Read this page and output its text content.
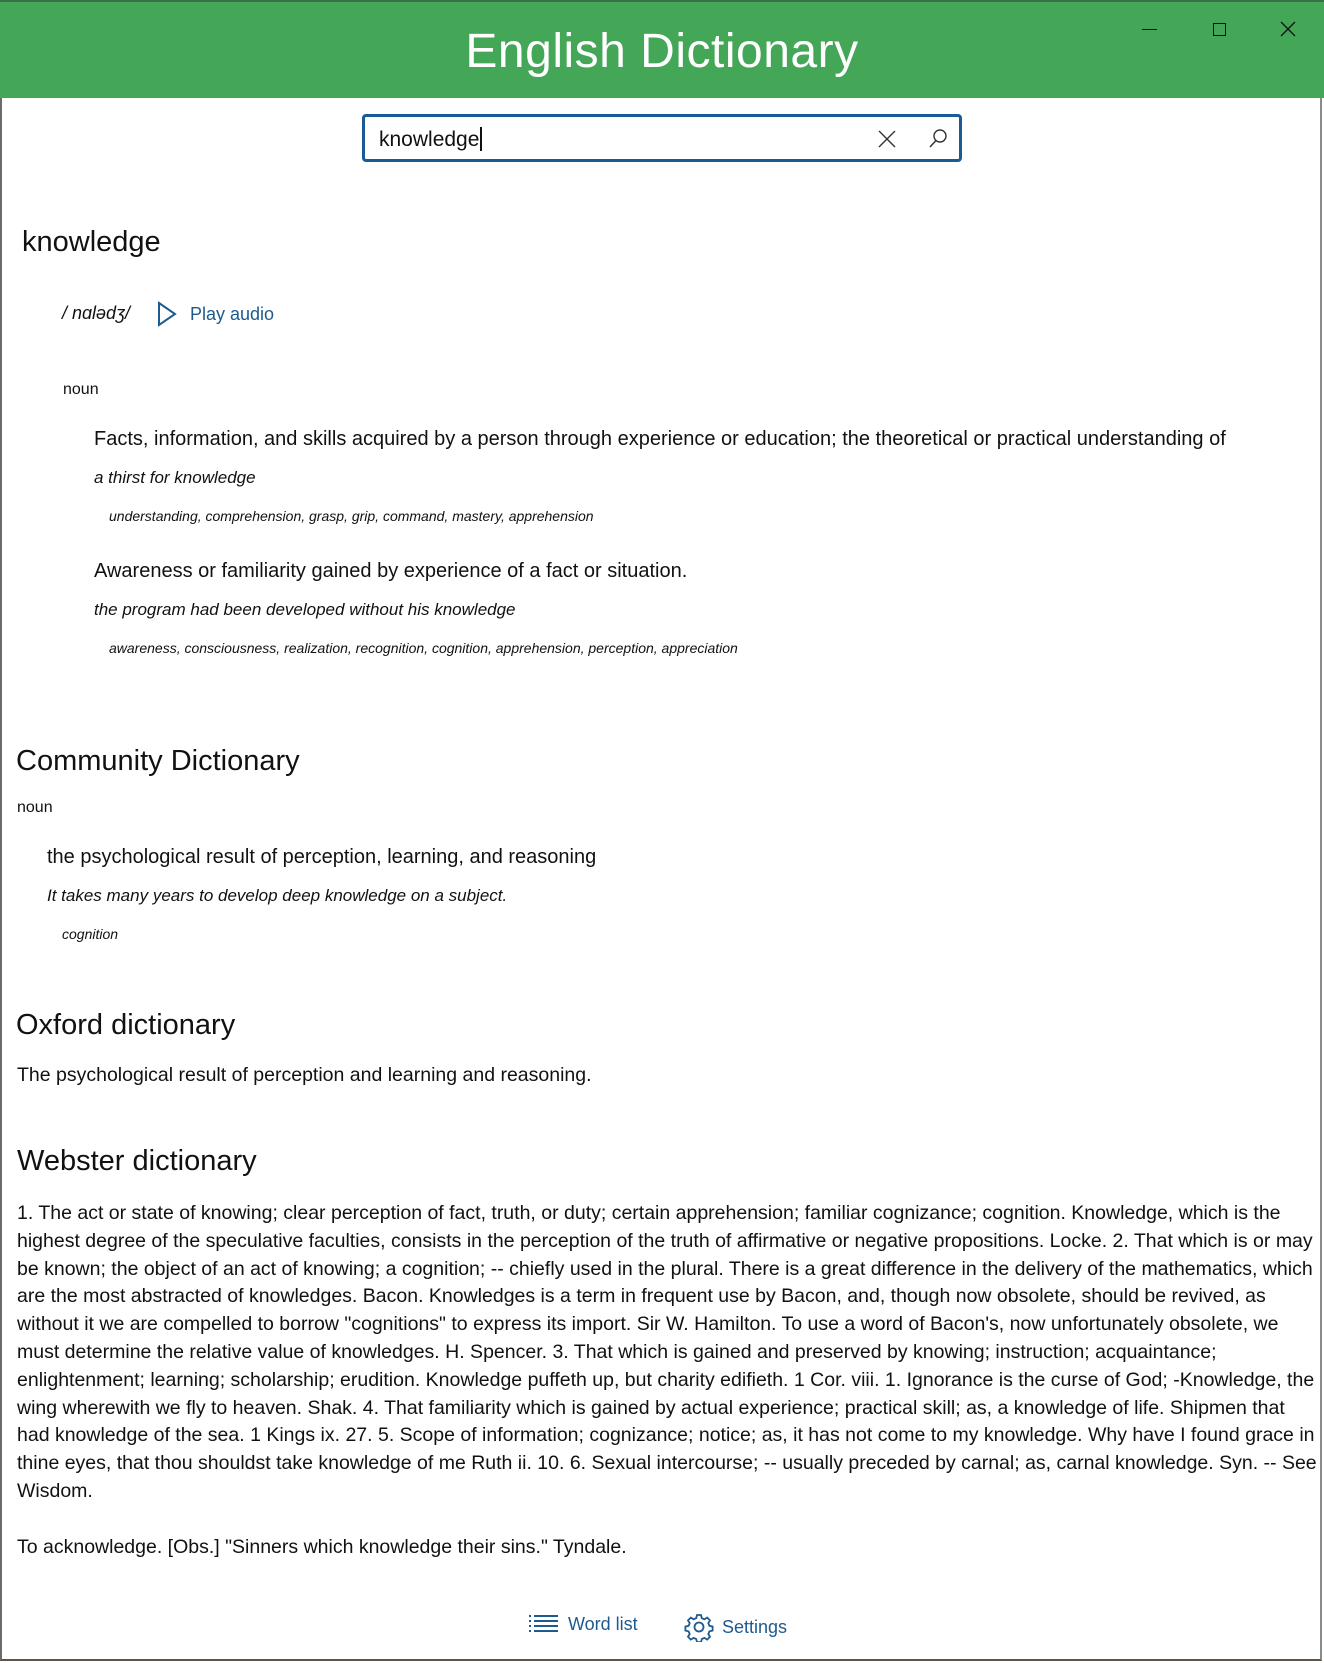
English Dictionary
knowledge
knowledge
/ nɑlədʒ/	Play audio
noun
Facts, information, and skills acquired by a person through experience or education; the theoretical or practical understanding of
a thirst for knowledge
understanding, comprehension, grasp, grip, command, mastery, apprehension
Awareness or familiarity gained by experience of a fact or situation.
the program had been developed without his knowledge
awareness, consciousness, realization, recognition, cognition, apprehension, perception, appreciation
Community Dictionary
noun
the psychological result of perception, learning, and reasoning
It takes many years to develop deep knowledge on a subject.
cognition
Oxford dictionary
The psychological result of perception and learning and reasoning.
Webster dictionary

1. The act or state of knowing; clear perception of fact, truth, or duty; certain apprehension; familiar cognizance; cognition. Knowledge, which is the highest degree of the speculative faculties, consists in the perception of the truth of affirmative or negative propositions. Locke. 2. That which is or may be known; the object of an act of knowing; a cognition; -- chiefly used in the plural. There is a great difference in the delivery of the mathematics, which are the most abstracted of knowledges. Bacon. Knowledges is a term in frequent use by Bacon, and, though now obsolete, should be revived, as without it we are compelled to borrow "cognitions" to express its import. Sir W. Hamilton. To use a word of Bacon's, now unfortunately obsolete, we must determine the relative value of knowledges. H. Spencer. 3. That which is gained and preserved by knowing; instruction; acquaintance; enlightenment; learning; scholarship; erudition. Knowledge puffeth up, but charity edifieth. 1 Cor. viii. 1. Ignorance is the curse of God; -Knowledge, the wing wherewith we fly to heaven. Shak. 4. That familiarity which is gained by actual experience; practical skill; as, a knowledge of life. Shipmen that had knowledge of the sea. 1 Kings ix. 27. 5. Scope of information; cognizance; notice; as, it has not come to my knowledge. Why have I found grace in thine eyes, that thou shouldst take knowledge of me Ruth ii. 10. 6. Sexual intercourse; -- usually preceded by carnal; as, carnal knowledge. Syn. -- See Wisdom.

To acknowledge. [Obs.] "Sinners which knowledge their sins." Tyndale.

Word list	Settings
